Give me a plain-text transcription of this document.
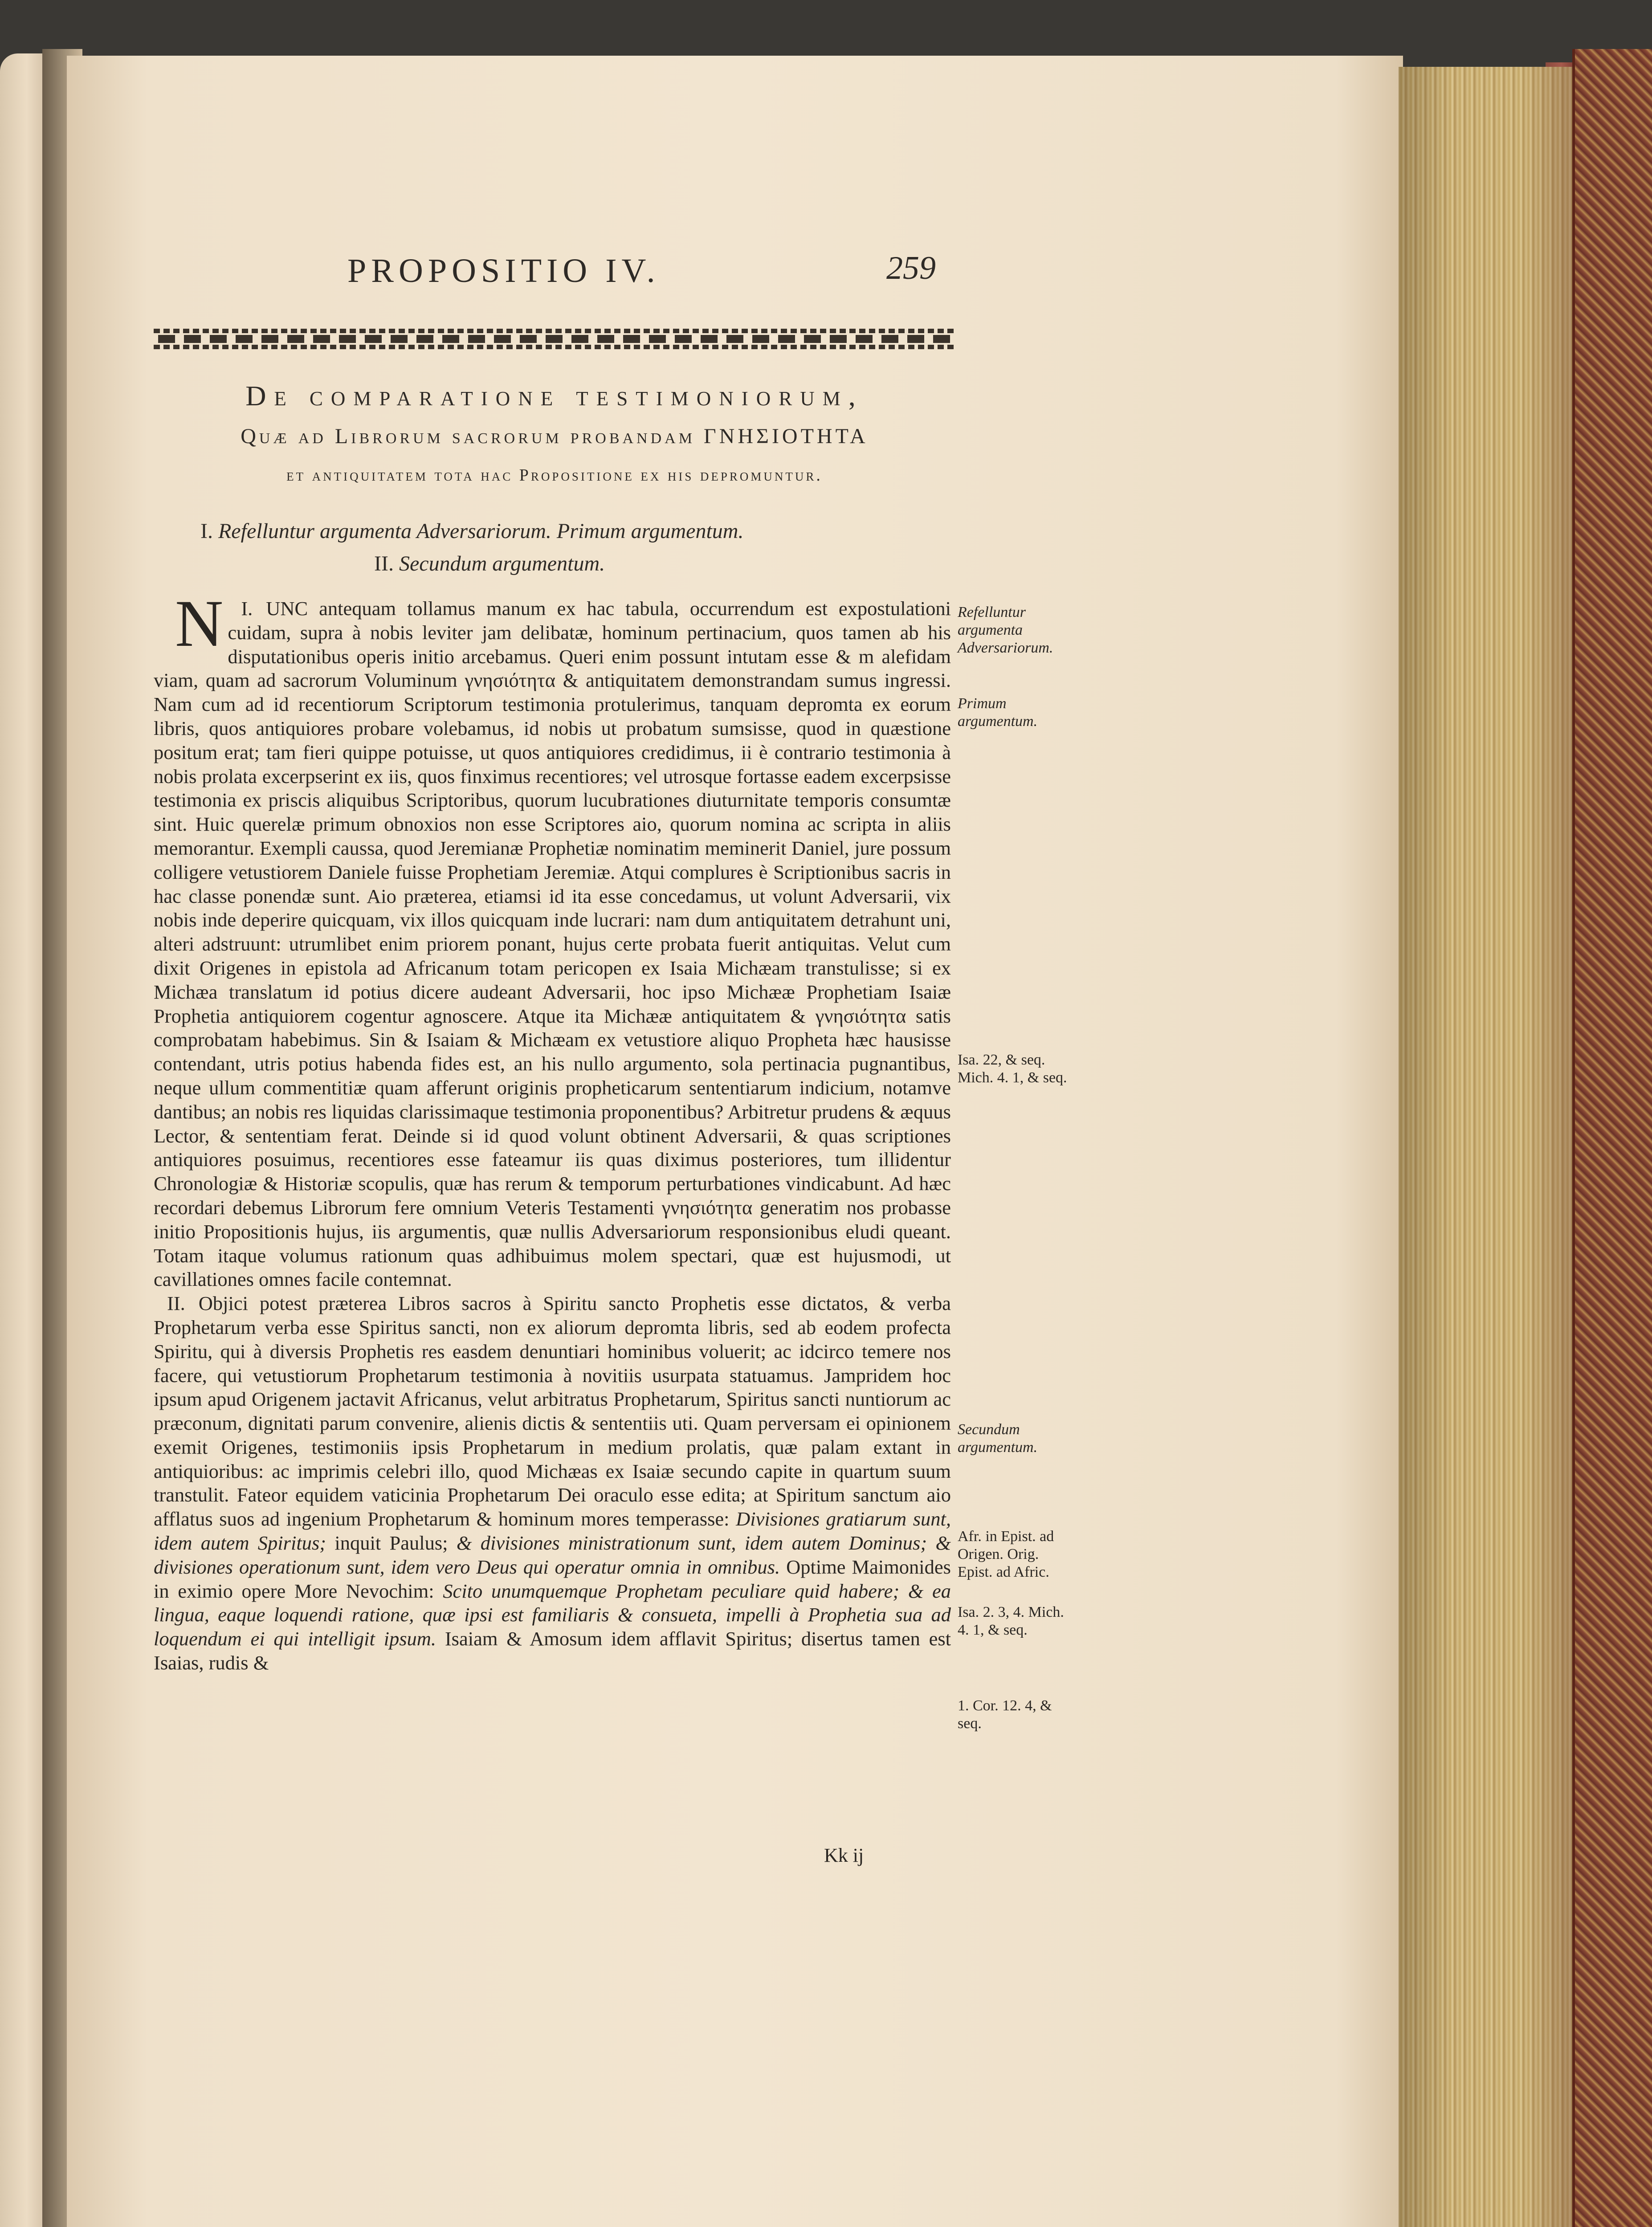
PROPOSITIO IV.	259
De comparatione testimoniorum,
Quæ ad Librorum sacrorum probandam ΓΝΗΣΙΟΤΗΤΑ
et antiquitatem tota hac Propositione ex his depromuntur.
I. Refelluntur argumenta Adversariorum. Primum argumentum.
II. Secundum argumentum.

I.
N UNC antequam tollamus manum ex hac tabula, occurrendum est expostulationi cuidam, supra à nobis leviter jam delibatæ, hominum pertinacium, quos tamen ab his disputationibus operis initio arcebamus. Queri enim possunt intutam esse & m alefidam viam, quam ad sacrorum Voluminum γνησιότητα & antiquitatem demonstrandam sumus ingressi. Nam cum ad id recentiorum Scriptorum testimonia protulerimus, tanquam depromta ex eorum libris, quos antiquiores probare volebamus, id nobis ut probatum sumsisse, quod in quæstione positum erat; tam fieri quippe potuisse, ut quos antiquiores credidimus, ii è contrario testimonia à nobis prolata excerpserint ex iis, quos finximus recentiores; vel utrosque fortasse eadem excerpsisse testimonia ex priscis aliquibus Scriptoribus, quorum lucubrationes diuturnitate temporis consumtæ sint. Huic querelæ primum obnoxios non esse Scriptores aio, quorum nomina ac scripta in aliis memorantur. Exempli caussa, quod Jeremianæ Prophetiæ nominatim meminerit Daniel, jure possum colligere vetustiorem Daniele fuisse Prophetiam Jeremiæ. Atqui complures è Scriptionibus sacris in hac classe ponendæ sunt. Aio præterea, etiamsi id ita esse concedamus, ut volunt Adversarii, vix nobis inde deperire quicquam, vix illos quicquam inde lucrari: nam dum antiquitatem detrahunt uni, alteri adstruunt: utrumlibet enim priorem ponant, hujus certe probata fuerit antiquitas. Velut cum dixit Origenes in epistola ad Africanum totam pericopen ex Isaia Michæam transtulisse; si ex Michæa translatum id potius dicere audeant Adversarii, hoc ipso Michææ Prophetiam Isaiæ Prophetia antiquiorem cogentur agnoscere. Atque ita Michææ antiquitatem & γνησιότητα satis comprobatam habebimus. Sin & Isaiam & Michæam ex vetustiore aliquo Propheta hæc hausisse contendant, utris potius habenda fides est, an his nullo argumento, sola pertinacia pugnantibus, neque ullum commentitiæ quam afferunt originis propheticarum sententiarum indicium, notamve dantibus; an nobis res liquidas clarissimaque testimonia proponentibus? Arbitretur prudens & æquus Lector, & sententiam ferat. Deinde si id quod volunt obtinent Adversarii, & quas scriptiones antiquiores posuimus, recentiores esse fateamur iis quas diximus posteriores, tum illidentur Chronologiæ & Historiæ scopulis, quæ has rerum & temporum perturbationes vindicabunt. Ad hæc recordari debemus Librorum fere omnium Veteris Testamenti γνησιότητα generatim nos probasse initio Propositionis hujus, iis argumentis, quæ nullis Adversariorum responsionibus eludi queant. Totam itaque volumus rationum quas adhibuimus molem spectari, quæ est hujusmodi, ut cavillationes omnes facile contemnat.

II. Objici potest præterea Libros sacros à Spiritu sancto Prophetis esse dictatos, & verba Prophetarum verba esse Spiritus sancti, non ex aliorum depromta libris, sed ab eodem profecta Spiritu, qui à diversis Prophetis res easdem denuntiari hominibus voluerit; ac idcirco temere nos facere, qui vetustiorum Prophetarum testimonia à novitiis usurpata statuamus. Jampridem hoc ipsum apud Origenem jactavit Africanus, velut arbitratus Prophetarum, Spiritus sancti nuntiorum ac præconum, dignitati parum convenire, alienis dictis & sententiis uti. Quam perversam ei opinionem exemit Origenes, testimoniis ipsis Prophetarum in medium prolatis, quæ palam extant in antiquioribus: ac imprimis celebri illo, quod Michæas ex Isaiæ secundo capite in quartum suum transtulit. Fateor equidem vaticinia Prophetarum Dei oraculo esse edita; at Spiritum sanctum aio afflatus suos ad ingenium Prophetarum & hominum mores temperasse: Divisiones gratiarum sunt, idem autem Spiritus; inquit Paulus; & divisiones ministrationum sunt, idem autem Dominus; & divisiones operationum sunt, idem vero Deus qui operatur omnia in omnibus. Optime Maimonides in eximio opere More Nevochim: Scito unumquemque Prophetam peculiare quid habere; & ea lingua, eaque loquendi ratione, quæ ipsi est familiaris & consueta, impelli à Prophetia sua ad loquendum ei qui intelligit ipsum. Isaiam & Amosum idem afflavit Spiritus; disertus tamen est Isaias, rudis &

Kk ij
Refelluntur argumenta Adversariorum.
Primum argumentum.
Isa. 22, & seq. Mich. 4. 1, & seq.
Secundum argumentum.
Afr. in Epist. ad Origen. Orig. Epist. ad Afric.
Isa. 2. 3, 4. Mich. 4. 1, & seq.
1. Cor. 12. 4, & seq.
